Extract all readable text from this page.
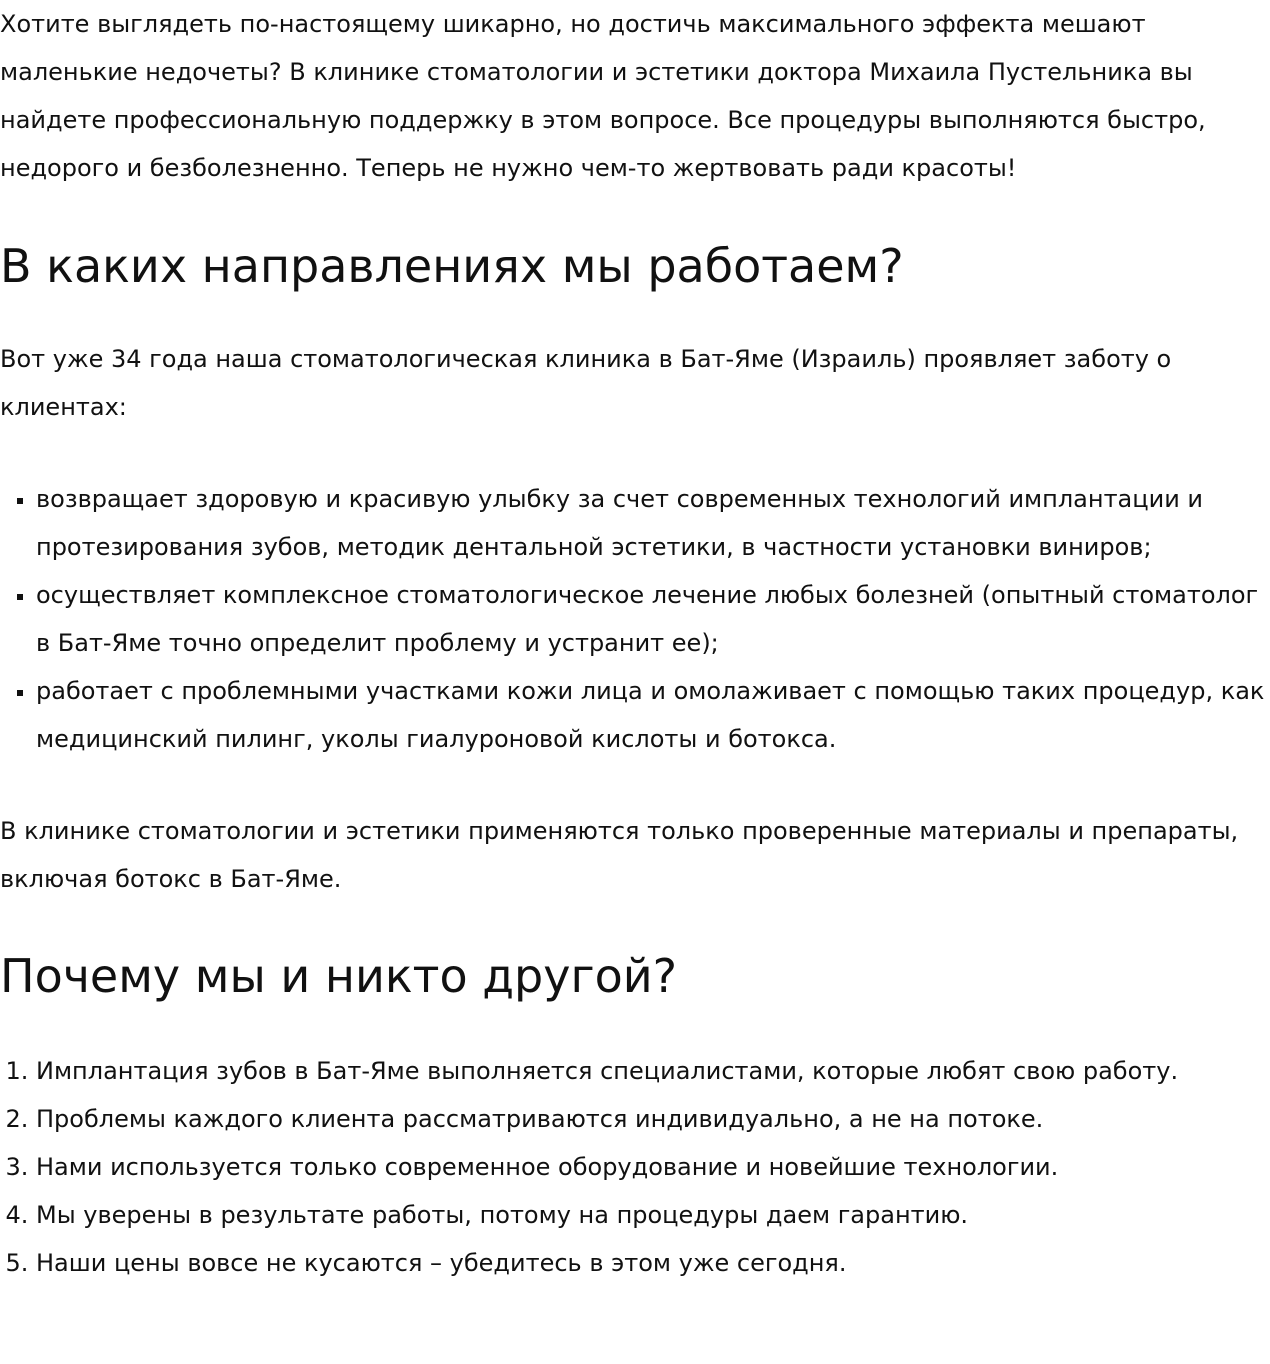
Хотите выглядеть по-настоящему шикарно, но достичь максимального эффекта мешают маленькие недочеты? В клинике стоматологии и эстетики доктора Михаила Пустельника вы найдете профессиональную поддержку в этом вопросе. Все процедуры выполняются быстро, недорого и безболезненно. Теперь не нужно чем-то жертвовать ради красоты!

В каких направлениях мы работаем?

Вот уже 34 года наша стоматологическая клиника в Бат-Яме (Израиль) проявляет заботу о клиентах:

▪ возвращает здоровую и красивую улыбку за счет современных технологий имплантации и протезирования зубов, методик дентальной эстетики, в частности установки виниров;
▪ осуществляет комплексное стоматологическое лечение любых болезней (опытный стоматолог в Бат-Яме точно определит проблему и устранит ее);
▪ работает с проблемными участками кожи лица и омолаживает с помощью таких процедур, как медицинский пилинг, уколы гиалуроновой кислоты и ботокса.

В клинике стоматологии и эстетики применяются только проверенные материалы и препараты, включая ботокс в Бат-Яме.

Почему мы и никто другой?
1. Имплантация зубов в Бат-Яме выполняется специалистами, которые любят свою работу.
2. Проблемы каждого клиента рассматриваются индивидуально, а не на потоке.
3. Нами используется только современное оборудование и новейшие технологии.
4. Мы уверены в результате работы, потому на процедуры даем гарантию.
5. Наши цены вовсе не кусаются – убедитесь в этом уже сегодня.
